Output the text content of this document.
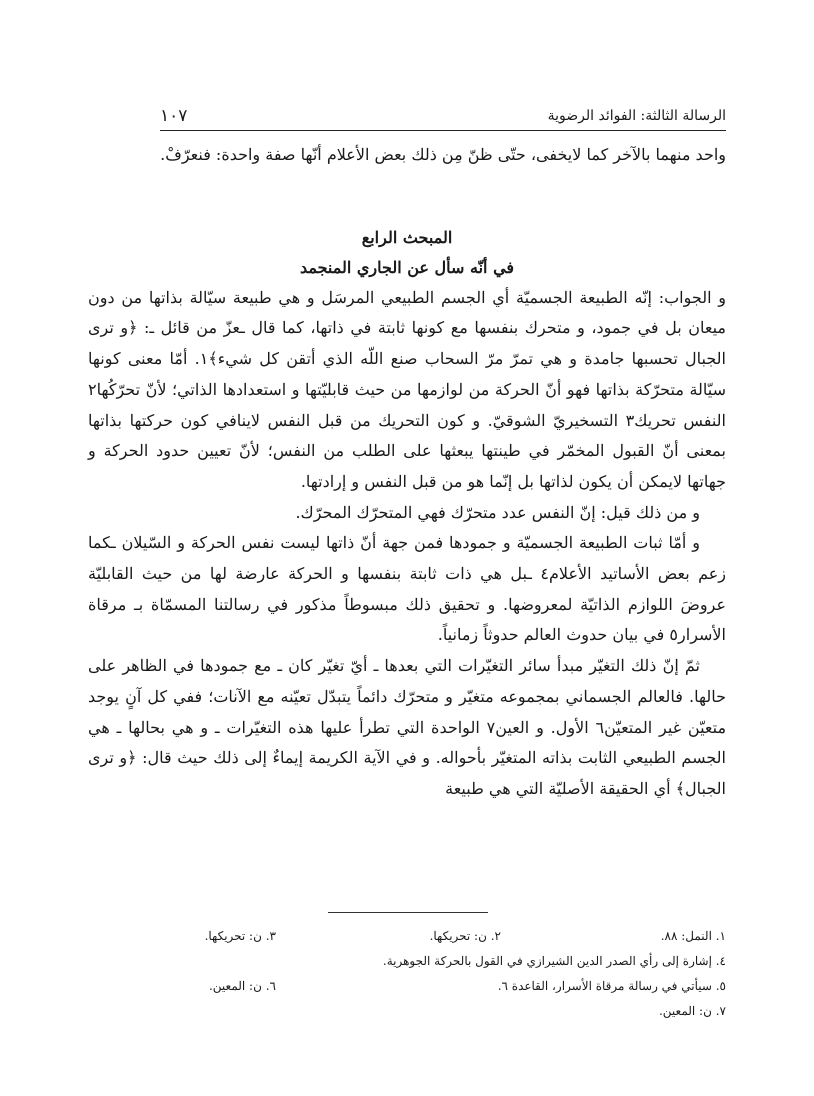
الرسالة الثالثة: الفوائد الرضوية
١٠٧

واحد منهما بالآخر كما لايخفى، حتّى ظنّ مِن ذلك بعض الأعلام أنّها صفة واحدة: فنعرّفْ.

المبحث الرابع

في أنّه سأل عن الجاري المنجمد

و الجواب: إنّه الطبيعة الجسميّة أي الجسم الطبيعي المرسَل و هي طبيعة سيّالة بذاتها من دون ميعان بل في جمود، و متحرك بنفسها مع كونها ثابتة في ذاتها، كما قال ـعزّ من قائل ـ: ﴿و ترى الجبال تحسبها جامدة و هي تمرّ مرّ السحاب صنع اللّه الذي أتقن كل شيء﴾١. أمّا معنى كونها سيّالة متحرّكة بذاتها فهو أنّ الحركة من لوازمها من حيث قابليّتها و استعدادها الذاتي؛ لأنّ تحرّكُها٢ النفس تحريك٣ التسخيريّ الشوقيّ. و كون التحريك من قبل النفس لاينافي كون حركتها بذاتها بمعنى أنّ القبول المخمّر في طينتها يبعثها على الطلب من النفس؛ لأنّ تعيين حدود الحركة و جهاتها لايمكن أن يكون لذاتها بل إنّما هو من قبل النفس و إرادتها.

و من ذلك قيل: إنّ النفس عدد متحرّك فهي المتحرّك المحرّك.

و أمّا ثبات الطبيعة الجسميّة و جمودها فمن جهة أنّ ذاتها ليست نفس الحركة و السّيلان ـكما زعم بعض الأساتيد الأعلام٤ ـبل هي ذات ثابتة بنفسها و الحركة عارضة لها من حيث القابليّة عروضَ اللوازم الذاتيّة لمعروضها. و تحقيق ذلك مبسوطاً مذكور في رسالتنا المسمّاة بـ مرقاة الأسرار٥ في بيان حدوث العالم حدوثاً زمانياً.

ثمّ إنّ ذلك التغيّر مبدأ سائر التغيّرات التي بعدها ـ أيّ تغيّر كان ـ مع جمودها في الظاهر على حالها. فالعالم الجسماني بمجموعه متغيّر و متحرّك دائماً يتبدّل تعيّنه مع الآنات؛ ففي كل آنٍ يوجد متعيّن غير المتعيّن٦ الأول. و العين٧ الواحدة التي تطرأ عليها هذه التغيّرات ـ و هي بحالها ـ هي الجسم الطبيعي الثابت بذاته المتغيّر بأحواله. و في الآية الكريمة إيماءٌ إلى ذلك حيث قال: ﴿و ترى الجبال﴾ أي الحقيقة الأصليّة التي هي طبيعة

١. النمل: ٨٨.
٢. ن: تحريكها.
٣. ن: تحريكها.
٤. إشارة إلى رأي الصدر الدين الشيرازي في القول بالحركة الجوهرية.
٥. سيأتي في رسالة مرقاة الأسرار، القاعدة ٦.
٦. ن: المعين.
٧. ن: المعين.
